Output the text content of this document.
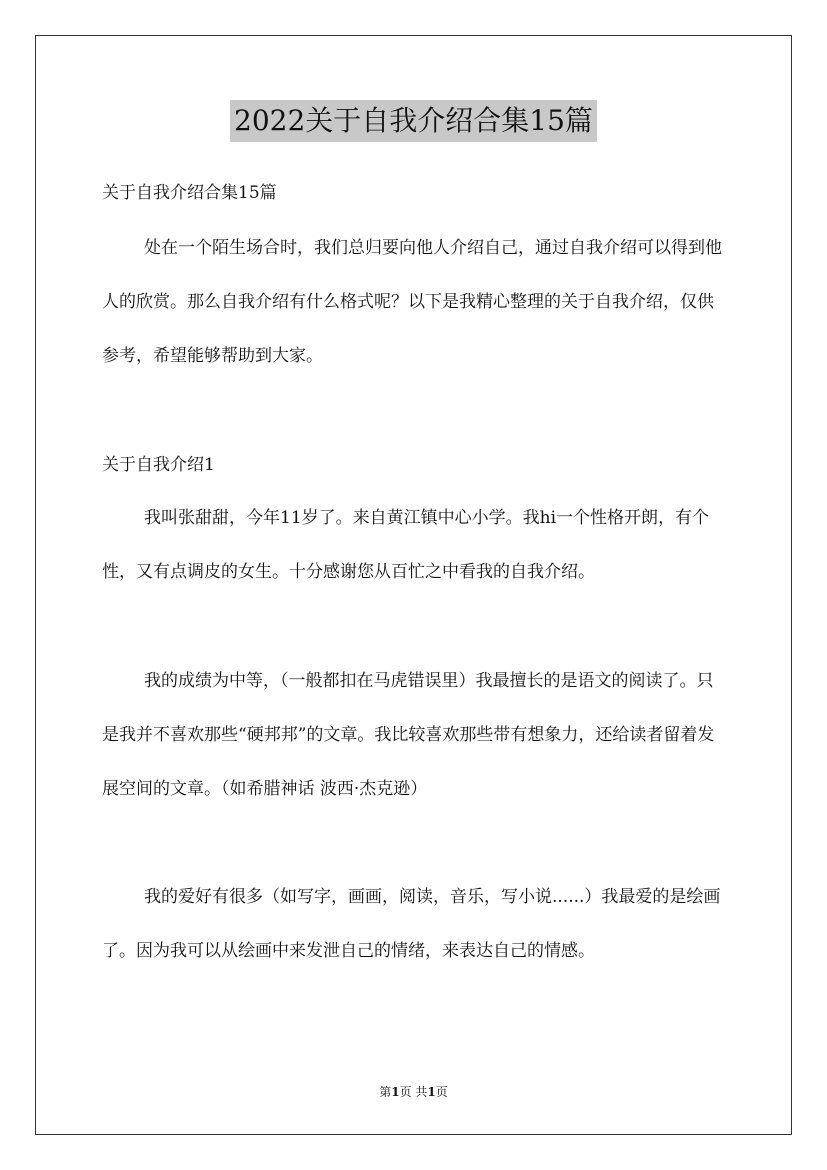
2022关于自我介绍合集15篇
关于自我介绍合集15篇
处在一个陌生场合时，我们总归要向他人介绍自己，通过自我介绍可以得到他人的欣赏。那么自我介绍有什么格式呢？以下是我精心整理的关于自我介绍，仅供参考，希望能够帮助到大家。
关于自我介绍1
我叫张甜甜，今年11岁了。来自黄江镇中心小学。我hi一个性格开朗，有个性，又有点调皮的女生。十分感谢您从百忙之中看我的自我介绍。
我的成绩为中等，（一般都扣在马虎错误里）我最擅长的是语文的阅读了。只是我并不喜欢那些“硬邦邦”的文章。我比较喜欢那些带有想象力，还给读者留着发展空间的文章。（如希腊神话 波西·杰克逊）
我的爱好有很多（如写字，画画，阅读，音乐，写小说......）我最爱的是绘画了。因为我可以从绘画中来发泄自己的情绪，来表达自己的情感。
第1页 共1页
